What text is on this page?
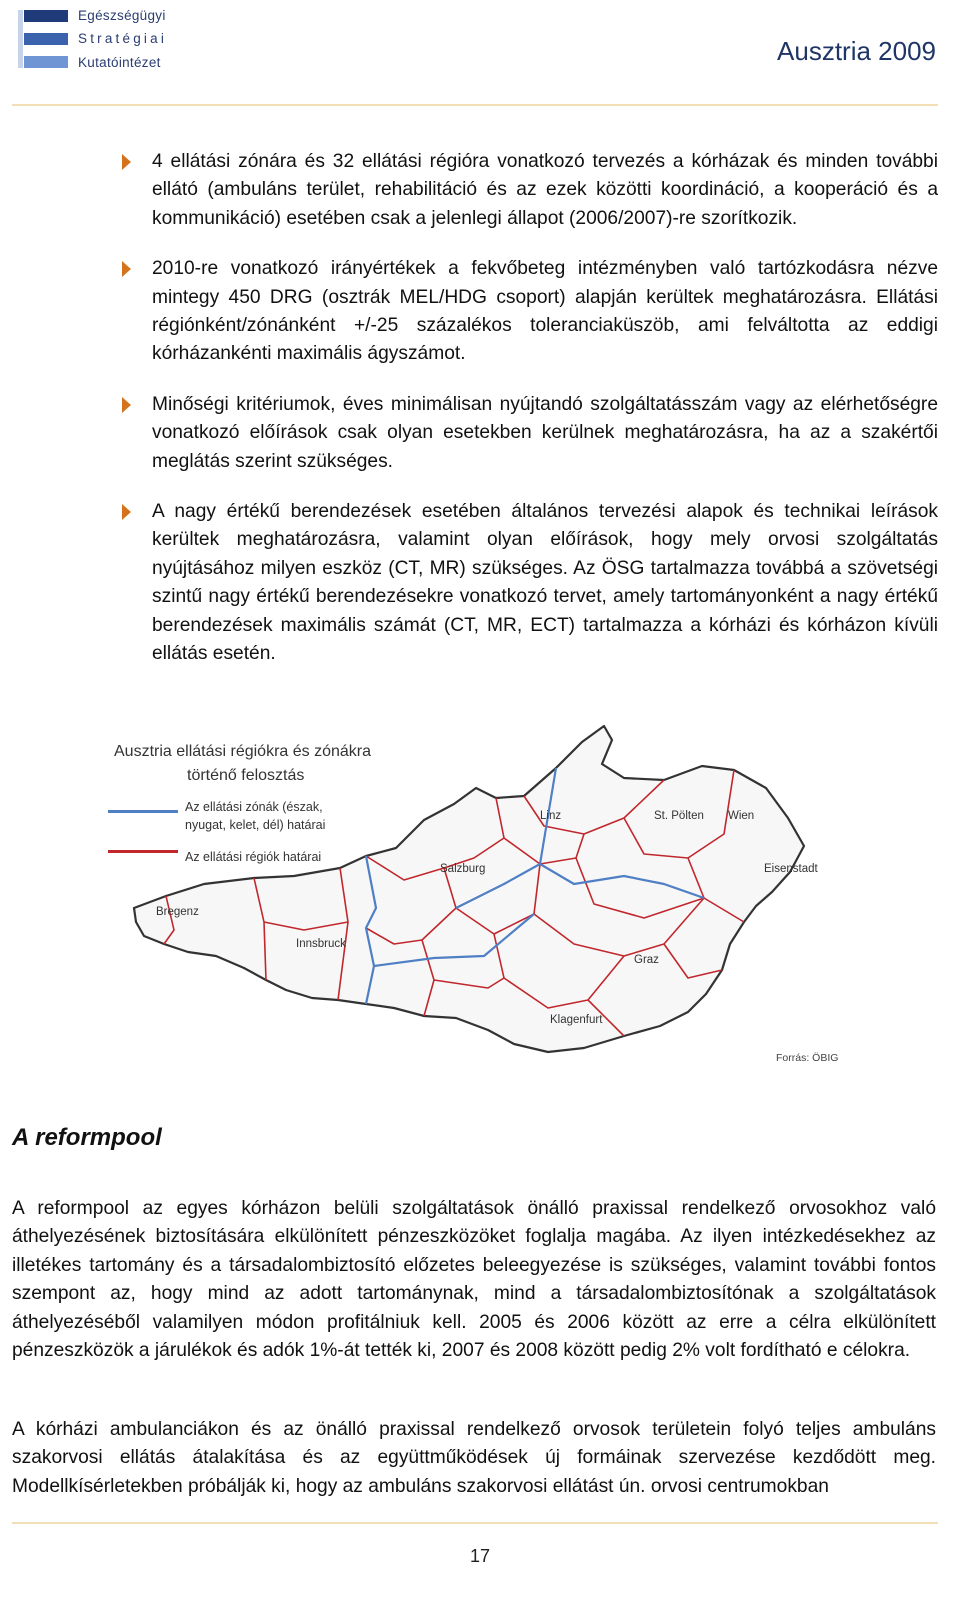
Egészségügyi
Stratégiai
Kutatóintézet	Ausztria 2009
4 ellátási zónára és 32 ellátási régióra vonatkozó tervezés a kórházak és minden további ellátó (ambuláns terület, rehabilitáció és az ezek közötti koordináció, a kooperáció és a kommunikáció) esetében csak a jelenlegi állapot (2006/2007)-re szorítkozik.
2010-re vonatkozó irányértékek a fekvőbeteg intézményben való tartózkodásra nézve mintegy 450 DRG (osztrák MEL/HDG csoport) alapján kerültek meghatározásra. Ellátási régiónként/zónánként +/-25 százalékos toleranciaküszöb, ami felváltotta az eddigi kórházankénti maximális ágyszámot.
Minőségi kritériumok, éves minimálisan nyújtandó szolgáltatásszám vagy az elérhetőségre vonatkozó előírások csak olyan esetekben kerülnek meghatározásra, ha az a szakértői meglátás szerint szükséges.
A nagy értékű berendezések esetében általános tervezési alapok és technikai leírások kerültek meghatározásra, valamint olyan előírások, hogy mely orvosi szolgáltatás nyújtásához milyen eszköz (CT, MR) szükséges. Az ÖSG tartalmazza továbbá a szövetségi szintű nagy értékű berendezésekre vonatkozó tervet, amely tartományonként a nagy értékű berendezések maximális számát (CT, MR, ECT) tartalmazza a kórházi és kórházon kívüli ellátás esetén.
Ausztria ellátási régiókra és zónákra
történő felosztás
Az ellátási zónák (észak,
nyugat, kelet, dél) határai
Az ellátási régiók határai
Linz	St. Pölten Wien
Salzburg	Eisenstadt
Bregenz
Innsbruck
Graz
Klagenfurt
Forrás: ÖBIG
A reformpool
A reformpool az egyes kórházon belüli szolgáltatások önálló praxissal rendelkező orvosokhoz való áthelyezésének biztosítására elkülönített pénzeszközöket foglalja magába. Az ilyen intézkedésekhez az illetékes tartomány és a társadalombiztosító előzetes beleegyezése is szükséges, valamint további fontos szempont az, hogy mind az adott tartománynak, mind a társadalombiztosítónak a szolgáltatások áthelyezéséből valamilyen módon profitálniuk kell. 2005 és 2006 között az erre a célra elkülönített pénzeszközök a járulékok és adók 1%-át tették ki, 2007 és 2008 között pedig 2% volt fordítható e célokra.
A kórházi ambulanciákon és az önálló praxissal rendelkező orvosok területein folyó teljes ambuláns szakorvosi ellátás átalakítása és az együttműködések új formáinak szervezése kezdődött meg. Modellkísérletekben próbálják ki, hogy az ambuláns szakorvosi ellátást ún. orvosi centrumokban
17
